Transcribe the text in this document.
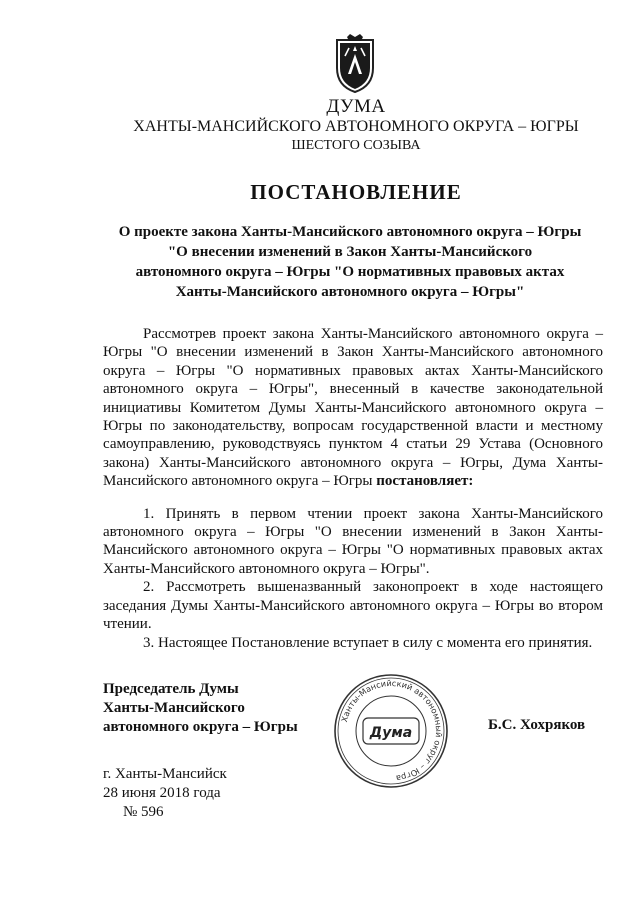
ДУМА
ХАНТЫ-МАНСИЙСКОГО АВТОНОМНОГО ОКРУГА – ЮГРЫ
ШЕСТОГО СОЗЫВА
ПОСТАНОВЛЕНИЕ
О проекте закона Ханты-Мансийского автономного округа – Югры
"О внесении изменений в Закон Ханты-Мансийского
автономного округа – Югры "О нормативных правовых актах
Ханты-Мансийского автономного округа – Югры"

Рассмотрев проект закона Ханты-Мансийского автономного округа – Югры "О внесении изменений в Закон Ханты-Мансийского автономного округа – Югры "О нормативных правовых актах Ханты-Мансийского автономного округа – Югры", внесенный в качестве законодательной инициативы Комитетом Думы Ханты-Мансийского автономного округа – Югры по законодательству, вопросам государственной власти и местному самоуправлению, руководствуясь пунктом 4 статьи 29 Устава (Основного закона) Ханты-Мансийского автономного округа – Югры, Дума Ханты-Мансийского автономного округа – Югры постановляет:

1. Принять в первом чтении проект закона Ханты-Мансийского автономного округа – Югры "О внесении изменений в Закон Ханты-Мансийского автономного округа – Югры "О нормативных правовых актах Ханты-Мансийского автономного округа – Югры".

2. Рассмотреть вышеназванный законопроект в ходе настоящего заседания Думы Ханты-Мансийского автономного округа – Югры во втором чтении.

3. Настоящее Постановление вступает в силу с момента его принятия.

Председатель Думы
Ханты-Мансийского
автономного округа – Югры	Ханты-Мансийский автономный округ – Югра
Дума	Б.С. Хохряков
г. Ханты-Мансийск
28 июня 2018 года
№ 596
